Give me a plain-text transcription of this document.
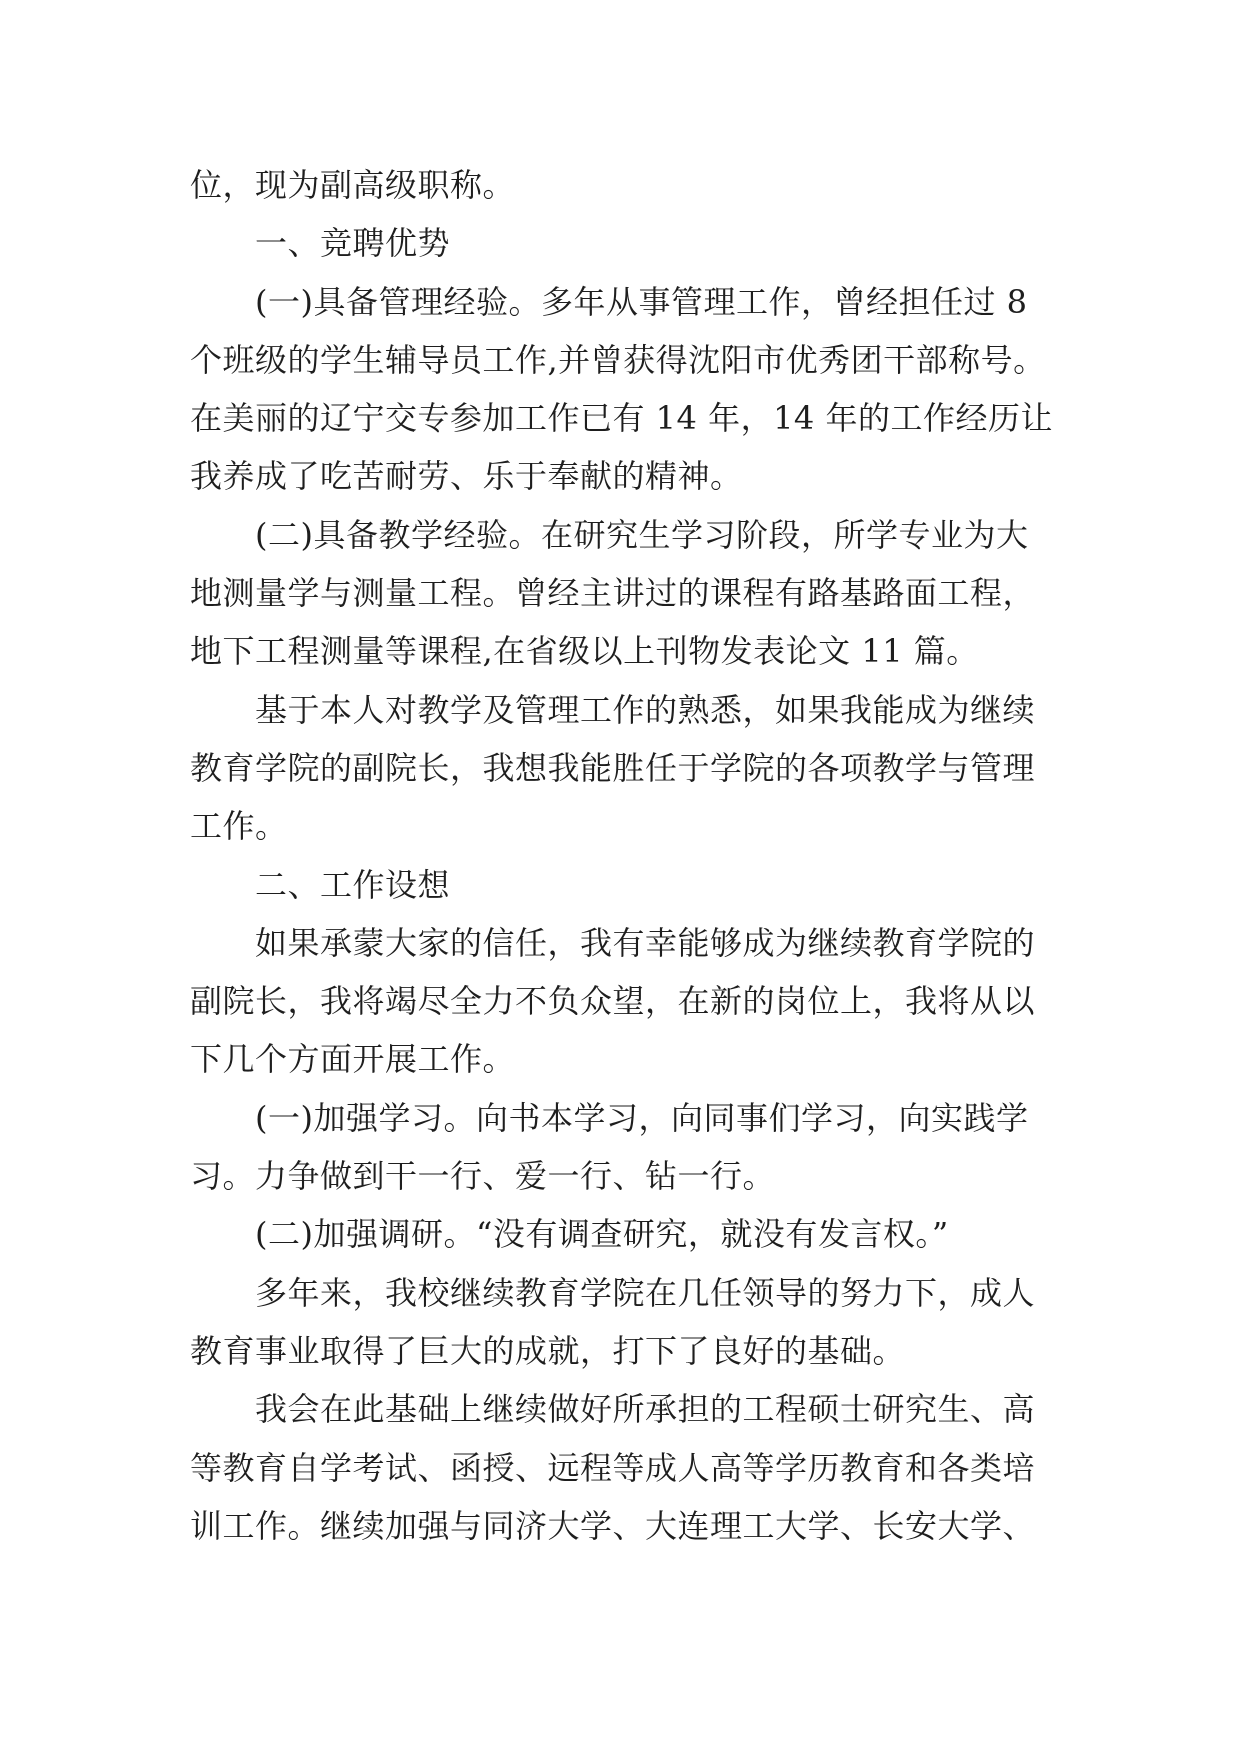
位，现为副高级职称。
　　一、竞聘优势
　　(一)具备管理经验。多年从事管理工作，曾经担任过 8
个班级的学生辅导员工作,并曾获得沈阳市优秀团干部称号。
在美丽的辽宁交专参加工作已有 14 年，14 年的工作经历让
我养成了吃苦耐劳、乐于奉献的精神。
　　(二)具备教学经验。在研究生学习阶段，所学专业为大
地测量学与测量工程。曾经主讲过的课程有路基路面工程，
地下工程测量等课程,在省级以上刊物发表论文 11 篇。
　　基于本人对教学及管理工作的熟悉，如果我能成为继续
教育学院的副院长，我想我能胜任于学院的各项教学与管理
工作。
　　二、工作设想
　　如果承蒙大家的信任，我有幸能够成为继续教育学院的
副院长，我将竭尽全力不负众望，在新的岗位上，我将从以
下几个方面开展工作。
　　(一)加强学习。向书本学习，向同事们学习，向实践学
习。力争做到干一行、爱一行、钻一行。
　　(二)加强调研。“没有调查研究，就没有发言权。”
　　多年来，我校继续教育学院在几任领导的努力下，成人
教育事业取得了巨大的成就，打下了良好的基础。
　　我会在此基础上继续做好所承担的工程硕士研究生、高
等教育自学考试、函授、远程等成人高等学历教育和各类培
训工作。继续加强与同济大学、大连理工大学、长安大学、
